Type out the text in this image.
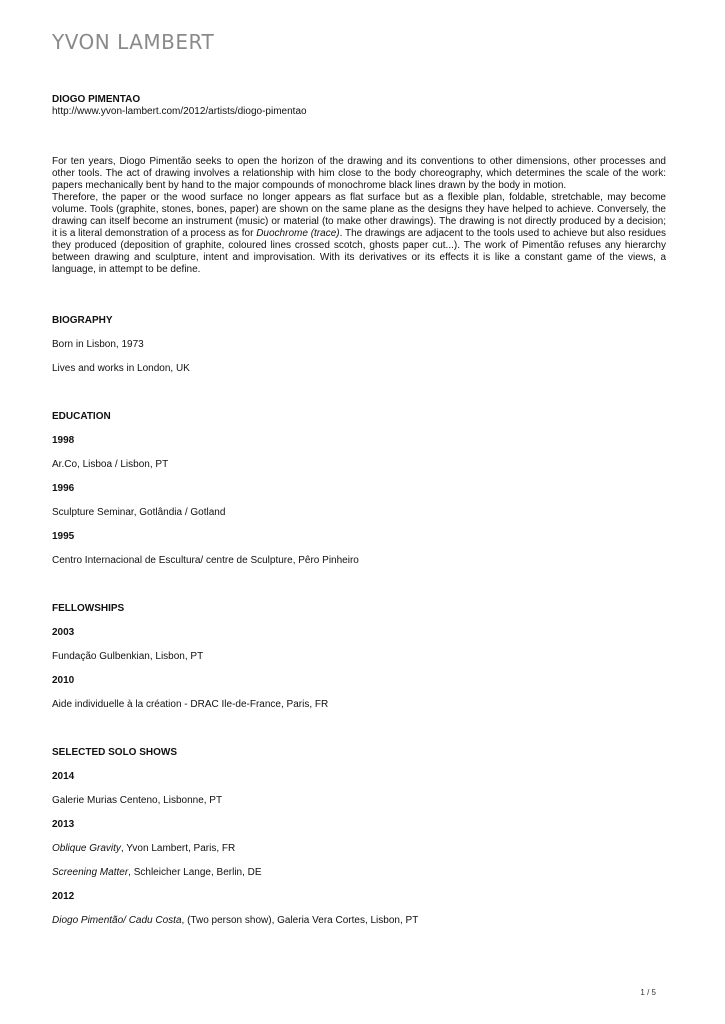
YVON LAMBERT
DIOGO PIMENTAO
http://www.yvon-lambert.com/2012/artists/diogo-pimentao

For ten years, Diogo Pimentão seeks to open the horizon of the drawing and its conventions to other dimensions, other processes and other tools. The act of drawing involves a relationship with him close to the body choreography, which determines the scale of the work: papers mechanically bent by hand to the major compounds of monochrome black lines drawn by the body in motion.

Therefore, the paper or the wood surface no longer appears as flat surface but as a flexible plan, foldable, stretchable, may become volume. Tools (graphite, stones, bones, paper) are shown on the same plane as the designs they have helped to achieve. Conversely, the drawing can itself become an instrument (music) or material (to make other drawings). The drawing is not directly produced by a decision; it is a literal demonstration of a process as for Duochrome (trace). The drawings are adjacent to the tools used to achieve but also residues they produced (deposition of graphite, coloured lines crossed scotch, ghosts paper cut...). The work of Pimentão refuses any hierarchy between drawing and sculpture, intent and improvisation. With its derivatives or its effects it is like a constant game of the views, a language, in attempt to be define.

BIOGRAPHY
Born in Lisbon, 1973
Lives and works in London, UK
EDUCATION
1998
Ar.Co, Lisboa / Lisbon, PT
1996
Sculpture Seminar, Gotlândia / Gotland
1995
Centro Internacional de Escultura/ centre de Sculpture, Pêro Pinheiro
FELLOWSHIPS
2003
Fundação Gulbenkian, Lisbon, PT
2010
Aide individuelle à la création - DRAC Ile-de-France, Paris, FR
SELECTED SOLO SHOWS
2014
Galerie Murias Centeno, Lisbonne, PT
2013
Oblique Gravity, Yvon Lambert, Paris, FR
Screening Matter, Schleicher Lange, Berlin, DE
2012
Diogo Pimentão/ Cadu Costa, (Two person show), Galeria Vera Cortes, Lisbon, PT
1 / 5
